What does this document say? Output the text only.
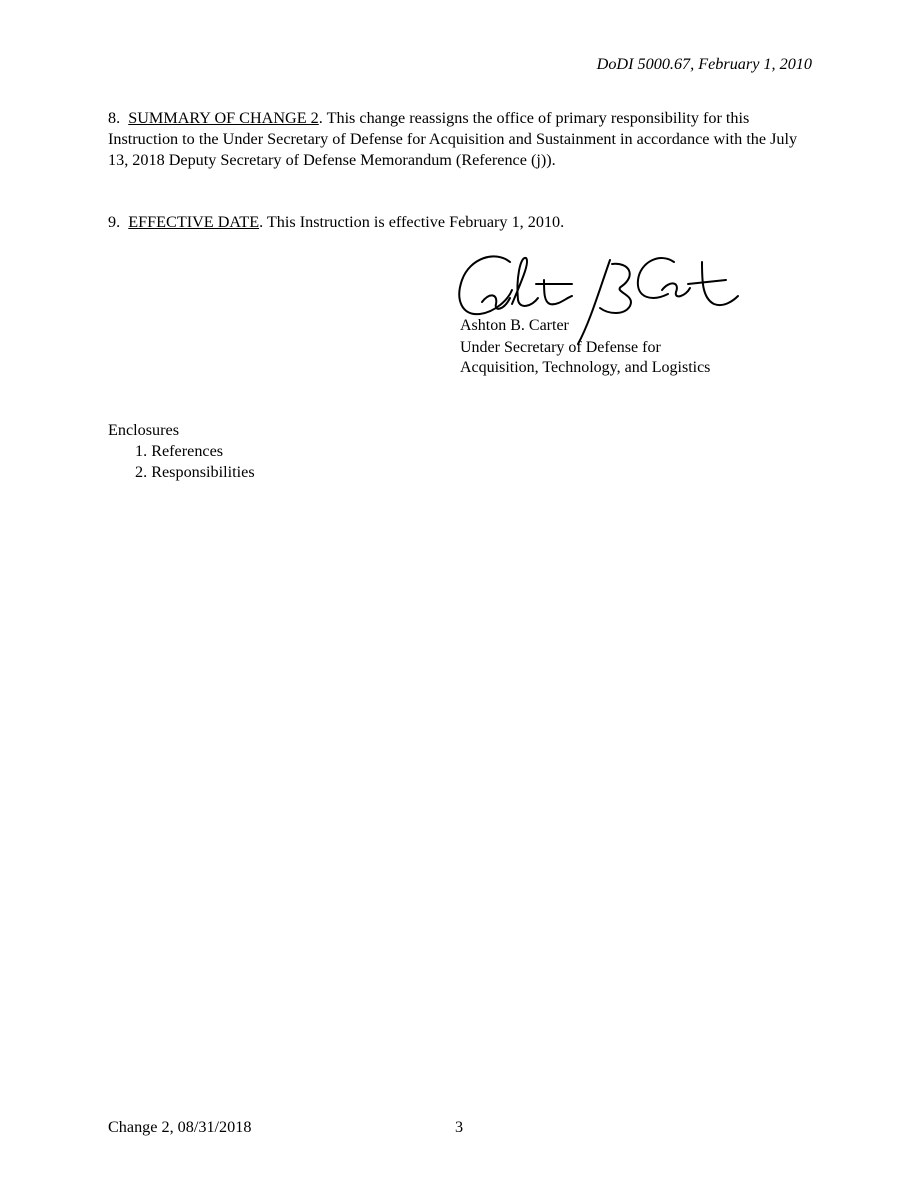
DoDI 5000.67, February 1, 2010

8. SUMMARY OF CHANGE 2. This change reassigns the office of primary responsibility for this Instruction to the Under Secretary of Defense for Acquisition and Sustainment in accordance with the July 13, 2018 Deputy Secretary of Defense Memorandum (Reference (j)).

9. EFFECTIVE DATE. This Instruction is effective February 1, 2010.

Ashton B. Carter
Under Secretary of Defense for
Acquisition, Technology, and Logistics
Enclosures
1. References
2. Responsibilities
Change 2, 08/31/2018	3
